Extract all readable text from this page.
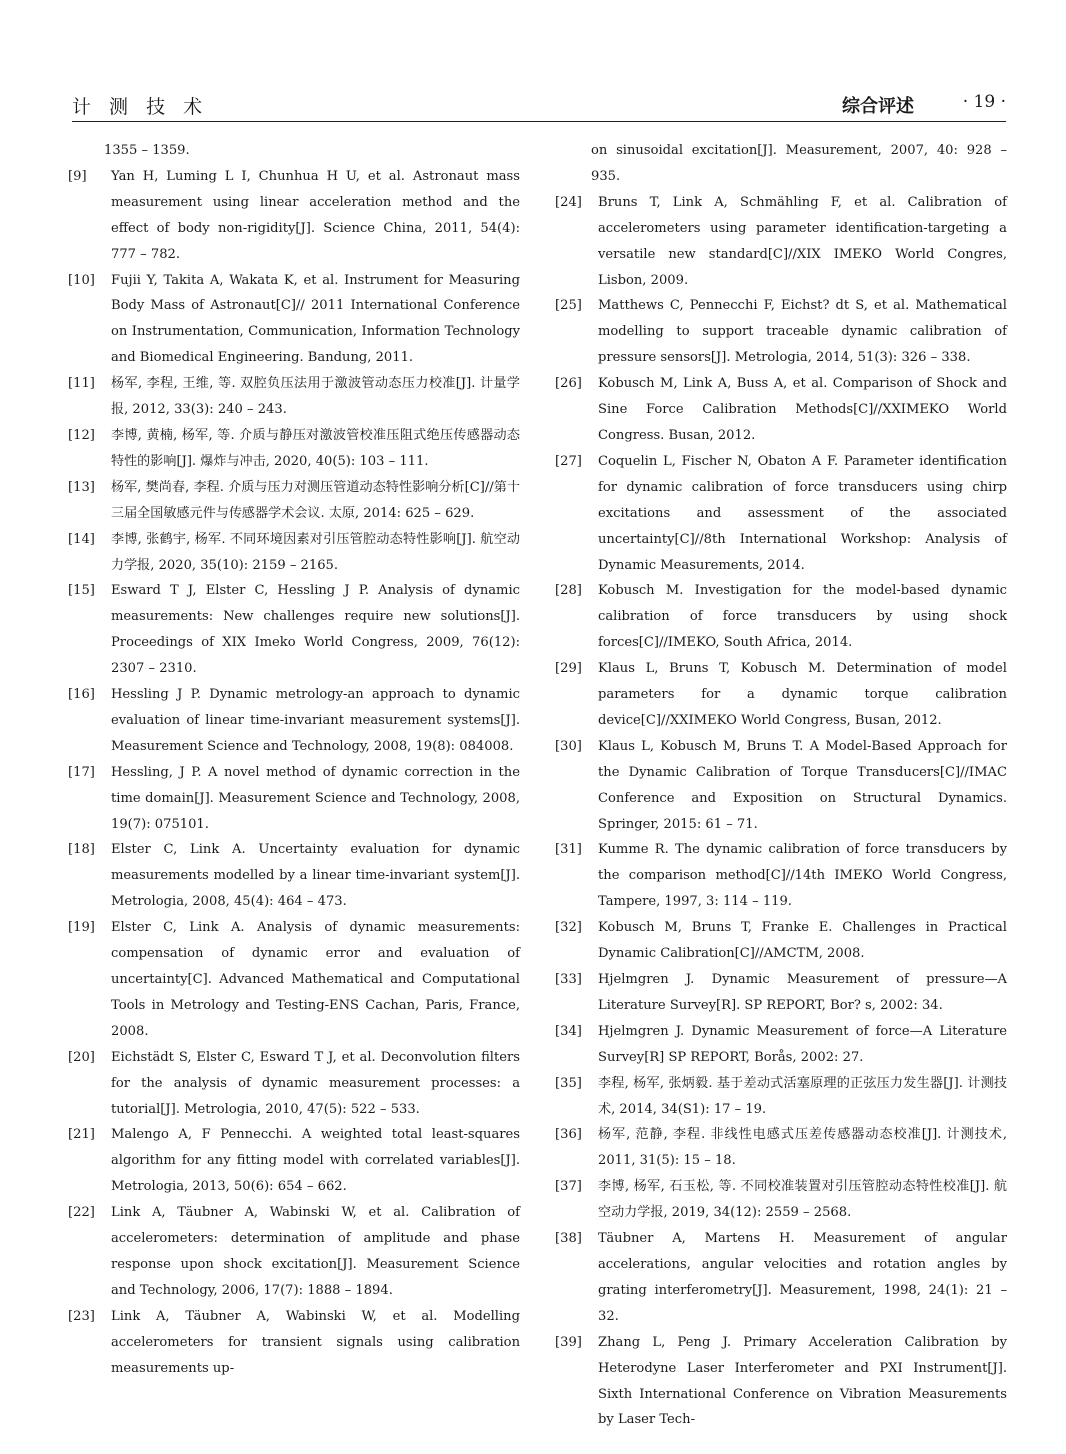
计 测 技 术	综合评述	· 19 ·
1355 – 1359.
[9]	Yan H, Luming L I, Chunhua H U, et al. Astronaut mass measurement using linear acceleration method and the effect of body non-rigidity[J]. Science China, 2011, 54(4): 777 – 782.
[10]	Fujii Y, Takita A, Wakata K, et al. Instrument for Measuring Body Mass of Astronaut[C]// 2011 International Conference on Instrumentation, Communication, Information Technology and Biomedical Engineering. Bandung, 2011.
[11]	杨军, 李程, 王维, 等. 双腔负压法用于激波管动态压力校准[J]. 计量学报, 2012, 33(3): 240 – 243.
[12]	李博, 黄楠, 杨军, 等. 介质与静压对激波管校准压阻式绝压传感器动态特性的影响[J]. 爆炸与冲击, 2020, 40(5): 103 – 111.
[13]	杨军, 樊尚春, 李程. 介质与压力对测压管道动态特性影响分析[C]//第十三届全国敏感元件与传感器学术会议. 太原, 2014: 625 – 629.
[14]	李博, 张鹤宇, 杨军. 不同环境因素对引压管腔动态特性影响[J]. 航空动力学报, 2020, 35(10): 2159 – 2165.
[15]	Esward T J, Elster C, Hessling J P. Analysis of dynamic measurements: New challenges require new solutions[J]. Proceedings of XIX Imeko World Congress, 2009, 76(12): 2307 – 2310.
[16]	Hessling J P. Dynamic metrology-an approach to dynamic evaluation of linear time-invariant measurement systems[J]. Measurement Science and Technology, 2008, 19(8): 084008.
[17]	Hessling, J P. A novel method of dynamic correction in the time domain[J]. Measurement Science and Technology, 2008, 19(7): 075101.
[18]	Elster C, Link A. Uncertainty evaluation for dynamic measurements modelled by a linear time-invariant system[J]. Metrologia, 2008, 45(4): 464 – 473.
[19]	Elster C, Link A. Analysis of dynamic measurements: compensation of dynamic error and evaluation of uncertainty[C]. Advanced Mathematical and Computational Tools in Metrology and Testing-ENS Cachan, Paris, France, 2008.
[20]	Eichstädt S, Elster C, Esward T J, et al. Deconvolution filters for the analysis of dynamic measurement processes: a tutorial[J]. Metrologia, 2010, 47(5): 522 – 533.
[21]	Malengo A, F Pennecchi. A weighted total least-squares algorithm for any fitting model with correlated variables[J]. Metrologia, 2013, 50(6): 654 – 662.
[22]	Link A, Täubner A, Wabinski W, et al. Calibration of accelerometers: determination of amplitude and phase response upon shock excitation[J]. Measurement Science and Technology, 2006, 17(7): 1888 – 1894.
[23]	Link A, Täubner A, Wabinski W, et al. Modelling accelerometers for transient signals using calibration measurements up-
on sinusoidal excitation[J]. Measurement, 2007, 40: 928 – 935.
[24]	Bruns T, Link A, Schmähling F, et al. Calibration of accelerometers using parameter identification-targeting a versatile new standard[C]//XIX IMEKO World Congres, Lisbon, 2009.
[25]	Matthews C, Pennecchi F, Eichst? dt S, et al. Mathematical modelling to support traceable dynamic calibration of pressure sensors[J]. Metrologia, 2014, 51(3): 326 – 338.
[26]	Kobusch M, Link A, Buss A, et al. Comparison of Shock and Sine Force Calibration Methods[C]//XXIMEKO World Congress. Busan, 2012.
[27]	Coquelin L, Fischer N, Obaton A F. Parameter identification for dynamic calibration of force transducers using chirp excitations and assessment of the associated uncertainty[C]//8th International Workshop: Analysis of Dynamic Measurements, 2014.
[28]	Kobusch M. Investigation for the model-based dynamic calibration of force transducers by using shock forces[C]//IMEKO, South Africa, 2014.
[29]	Klaus L, Bruns T, Kobusch M. Determination of model parameters for a dynamic torque calibration device[C]//XXIMEKO World Congress, Busan, 2012.
[30]	Klaus L, Kobusch M, Bruns T. A Model-Based Approach for the Dynamic Calibration of Torque Transducers[C]//IMAC Conference and Exposition on Structural Dynamics. Springer, 2015: 61 – 71.
[31]	Kumme R. The dynamic calibration of force transducers by the comparison method[C]//14th IMEKO World Congress, Tampere, 1997, 3: 114 – 119.
[32]	Kobusch M, Bruns T, Franke E. Challenges in Practical Dynamic Calibration[C]//AMCTM, 2008.
[33]	Hjelmgren J. Dynamic Measurement of pressure—A Literature Survey[R]. SP REPORT, Bor? s, 2002: 34.
[34]	Hjelmgren J. Dynamic Measurement of force—A Literature Survey[R] SP REPORT, Borås, 2002: 27.
[35]	李程, 杨军, 张炳毅. 基于差动式活塞原理的正弦压力发生器[J]. 计测技术, 2014, 34(S1): 17 – 19.
[36]	杨军, 范静, 李程. 非线性电感式压差传感器动态校准[J]. 计测技术, 2011, 31(5): 15 – 18.
[37]	李博, 杨军, 石玉松, 等. 不同校准装置对引压管腔动态特性校准[J]. 航空动力学报, 2019, 34(12): 2559 – 2568.
[38]	Täubner A, Martens H. Measurement of angular accelerations, angular velocities and rotation angles by grating interferometry[J]. Measurement, 1998, 24(1): 21 – 32.
[39]	Zhang L, Peng J. Primary Acceleration Calibration by Heterodyne Laser Interferometer and PXI Instrument[J]. Sixth International Conference on Vibration Measurements by Laser Tech-
